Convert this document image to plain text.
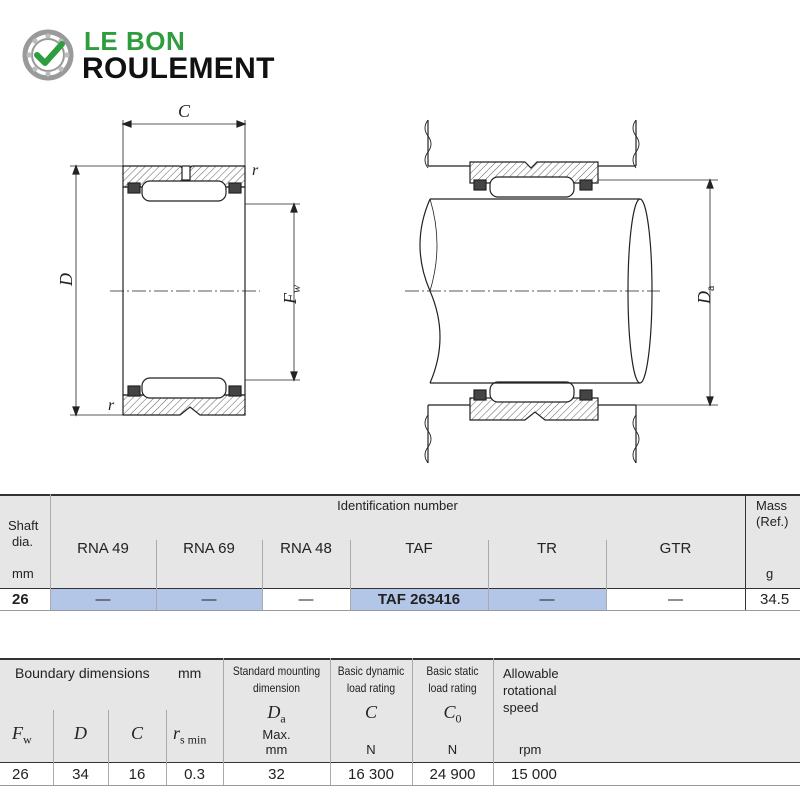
LE BON
ROULEMENT
C
r
r
D
$F_w$
$D_a$
Identification number
Shaft
dia.
mm
Mass
(Ref.)
g
RNA 49	RNA 69	RNA 48	TAF	TR	GTR
26	—	—	—	TAF 263416	—	—	34.5
Boundary dimensions mm
$F_w$	D	C	$r_{s min}$
Standard mounting
dimension
$D_a$
Max.
mm
Basic dynamic
load rating
C
N
Basic static
load rating
$C_0$
N
Allowable
rotational
speed
rpm
26	34	16	0.3	32	16 300	24 900	15 000
